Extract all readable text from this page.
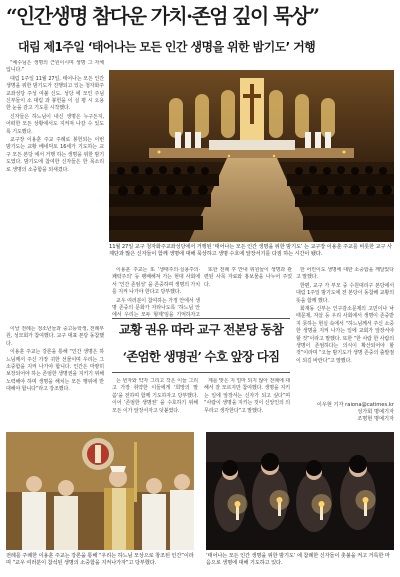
“인간생명 참다운 가치·존엄 깊이 묵상”
대림 제1주일 ‘태어나는 모든 인간 생명을 위한 밤기도’ 거행

“예수님은 생명의 근원이시며 생명 그 자체입니다.”

대림 1주일 11월 27일, 태어나는 모든 인간 생명을 위한 밤기도가 진행되고 있는 청자화주교좌성당 주성 여불 신도. 성당 에 모인 주님 신부들이 소 대림 과 봉헌을 이 실 평 시 오용한 눈을 감고 기도를 시작했다.

신자들은 하느님이 내신 생명은 누구든지, 어떠한 모든 상황에서도 지켜져 나갈 수 있도록 기도했다.

교구장 이용훈 주교 주례로 봉헌되는 이번 밤기도는 교황 베네딕토 16세가 기도하는 교구 모든 본당 에서 거행 하는 생명을 위한 밤기도였다. 밤기도에 참여한 신자들은 한 목소리로 생명의 소중함을 되새겼다.

이날 전례는 청소년들과 중고등학생, 전례부원, 성모회가 참여했다. 교구 대표 본당 동참했다.

이용훈 주교는 강론을 통해 “인간 생명은 하느님께서 주신 가장 귀한 선물이며 우리는 그 소중함을 지켜 나가야 합니다. 인간은 마땅히 보장되어야 하는 존엄한 생명권을 지키기 위해 노력해야 하며 생명을 해치는 모든 행위에 반대해야 합니다”라고 강조했다.

11월 27일 교구 청자화주교좌성당에서 거행된 ‘태어나는 모든 인간 생명을 위한 밤기도’ 는 교구장 이용훈 주교를 비롯한 교구 사제단과 많은 신자들이 함께 생명에 대해 묵상하고 생명 수호에 앞장서기를 다짐 하는 시간이 됐다.

이용훈 주교는 또 ‘생태주의·실용주의·쾌락주의’ 등 팽배해져 가는 현대 사회에서 ‘인간 존엄성’ 을 존중하며 생명의 가치를 지켜 나가야 한다고 당부했다.

교우 여러분이 참여하는 가정 안에서 생명 존중의 문화가 자라나도록 ‘하느님 안에서 우리는 모두 형제’임을 기억하자고

또한 전례 후 안내 위원들이 생명과 관련된 사목 자료와 홍보물을 나누어 주었다.

교황 권유 따라 교구 전본당 동참
‘존엄한 생명권’ 수호 앞장 다짐

는 빈자와 약자 그리고 작은 이들 그리고 가장 취약한 이들에게 ‘희망의 말씀’을 전하며 함께 기도하자고 당부했다. 이어 ‘존엄한 생명권’ 을 수호하기 위해 모든 이가 앞장서자고 덧붙였다.

계를 맞은 지 얼마 되지 않아 전례에 대해서 잘 모르지만 참여했다. 생명을 지키는 일에 앞장서는 신자가 되고 싶다”며 “사람이 생명을 지키는 것이 신앙인의 의무라고 생각한다”고 말했다.

한 어린이도 생명에 대한 소중함을 깨달았다고 말했다.

한편, 교구 가 부모 중 수원대리구 본당에서 대림 1주일 밤기도에 전 본당이 동참해 교황의 뜻을 함께 했다.

회재동 신부는 인구감소문제의 고민이나 낙태문제, 자살 등 우리 사회에서 생명이 존중받지 못하는 현실 속에서 “하느님께서 주신 소중한 생명을 지켜 나가는 일에 교회가 앞장서야 할 것”이라고 말했다. 또한 “한 사람 한 사람의 생명이 존엄하다는 의식이 확산되어야 할 것”이라며 “오늘 밤기도가 생명 존중의 출발점이 되길 바란다”고 말했다.

이우현 기자 raiona@catimes.kr
성가회 명예기자
조명현 명예기자
전례를 주례한 이용훈 주교는 강론을 통해 “우리는 하느님 모상으로 창조된 인간”이라며 “교우 여러분이 참석된 생명의 소중함을 지켜나가자”고 당부했다.
‘태어나는 모든 인간 생명을 위한 밤기도’ 에 참례한 신자들이 촛불을 켜고 거룩한 마음으로 생명에 대해 기도하고 있다.
